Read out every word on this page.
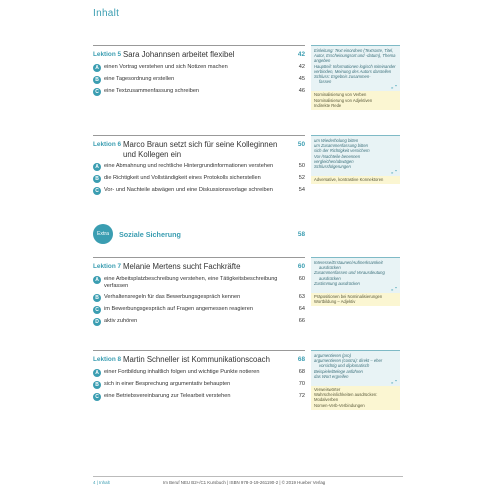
Inhalt
Lektion 5 Sara Johannsen arbeitet flexibel	42
A einen Vortrag verstehen und sich Notizen machen	42
B eine Tagesordnung erstellen	45
C eine Textzusammenfassung schreiben	46

Einleitung: Text einordnen (Textsorte, Titel, Autor, Erscheinungsort und -datum), Thema angeben

Hauptteil: Informationen logisch miteinander verbinden, Meinung des Autors darstellen

Schluss: Ergebnis zusammen-

fassen

„ “

Nominalisierung von Verben

Nominalisierung von Adjektiven

Indirekte Rede

Lektion 6 Marco Braun setzt sich für seine Kolleginnen und Kollegen ein
50
A eine Abmahnung und rechtliche Hintergrundinformationen verstehen	50
B die Richtigkeit und Vollständigkeit eines Protokolls sicherstellen	52
C Vor- und Nachteile abwägen und eine Diskussionsvorlage schreiben	54

um Wiederholung bitten

um Zusammenfassung bitten

sich der Richtigkeit versichern

Vor-/Nachteile benennen

vergleichen/abwägen

Schlussfolgerungen

„ “

Adversative, kontrastive Konnektoren

Extra	Soziale Sicherung	58
Lektion 7 Melanie Mertens sucht Fachkräfte	60
A eine Arbeitsplatzbeschreibung verstehen, eine Tätigkeitsbeschreibung verfassen
60
B Verhaltensregeln für das Bewerbungsgespräch kennen	63
C im Bewerbungsgespräch auf Fragen angemessen reagieren	64
D aktiv zuhören	66

Interesse/Erstaunen/Aufmerksamkeit

ausdrücken

Zusammenfassen und Verausdeutung

ausdrücken

Zustimmung ausdrücken

„ “

Präpositionen bei Nominalisierungen

Wortbildung – Adjektiv

Lektion 8 Martin Schneller ist Kommunikationscoach	68
A einer Fortbildung inhaltlich folgen und wichtige Punkte notieren	68
B sich in einer Besprechung argumentativ behaupten	70
C eine Betriebsvereinbarung zur Telearbeit verstehen	72

argumentieren (pro)

argumentieren (contra): direkt – eher

vorsichtig und diplomatisch

Beispiele/Belege anführen

das Wort ergreifen

„ “

Verweiswörter

Wahrscheinlichkeiten ausdrücken:

Modalverben

Nomen-Verb-Verbindungen

4 | Inhalt	Im Beruf NEU B2+/C1 Kursbuch | ISBN 978-3-19-261190-2 | © 2019 Hueber Verlag
